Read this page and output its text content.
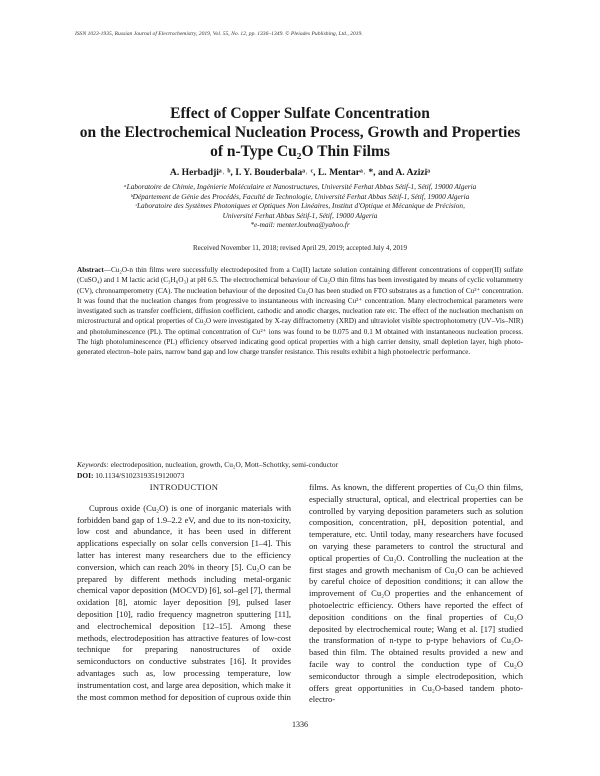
ISSN 1023-1935, Russian Journal of Electrochemistry, 2019, Vol. 55, No. 12, pp. 1336–1349. © Pleiades Publishing, Ltd., 2019.
Effect of Copper Sulfate Concentration
on the Electrochemical Nucleation Process, Growth and Properties
of n-Type Cu₂O Thin Films
A. Herbadjiᵃ˒ ᵇ, I. Y. Bouderbalaᵃ˒ ᶜ, L. Mentarᵃ˒ *, and A. Aziziᵃ
ᵃLaboratoire de Chimie, Ingénierie Moléculaire et Nanostructures, Université Ferhat Abbas Sétif-1, Sétif, 19000 Algeria
ᵇDépartement de Génie des Procédés, Faculté de Technologie, Université Ferhat Abbas Sétif-1, Sétif, 19000 Algeria
ᶜLaboratoire des Systèmes Photoniques et Optiques Non Linéaires, Institut d'Optique et Mécanique de Précision,
Université Ferhat Abbas Sétif-1, Sétif, 19000 Algeria
*e-mail: menter.loubna@yahoo.fr
Received November 11, 2018; revised April 29, 2019; accepted July 4, 2019
Abstract—Cu₂O-n thin films were successfully electrodeposited from a Cu(II) lactate solution containing different concentrations of copper(II) sulfate (CuSO₄) and 1 M lactic acid (C₃H₆O₃) at pH 6.5. The electrochemical behaviour of Cu₂O thin films has been investigated by means of cyclic voltammetry (CV), chronoamperometry (CA). The nucleation behaviour of the deposited Cu₂O has been studied on FTO substrates as a function of Cu²⁺ concentration. It was found that the nucleation changes from progressive to instantaneous with increasing Cu²⁺ concentration. Many electrochemical parameters were investigated such as transfer coefficient, diffusion coefficient, cathodic and anodic charges, nucleation rate etc. The effect of the nucleation mechanism on microstructural and optical properties of Cu₂O were investigated by X-ray diffractometry (XRD) and ultraviolet visible spectrophotometry (UV–Vis–NIR) and photoluminescence (PL). The optimal concentration of Cu²⁺ ions was found to be 0.075 and 0.1 M obtained with instantaneous nucleation process. The high photoluminescence (PL) efficiency observed indicating good optical properties with a high carrier density, small depletion layer, high photo-generated electron–hole pairs, narrow band gap and low charge transfer resistance. This results exhibit a high photoelectric performance.
Keywords: electrodeposition, nucleation, growth, Cu₂O, Mott–Schottky, semi-conductor
DOI: 10.1134/S1023193519120073
INTRODUCTION

Cuprous oxide (Cu₂O) is one of inorganic materials with forbidden band gap of 1.9–2.2 eV, and due to its non-toxicity, low cost and abundance, it has been used in different applications especially on solar cells conversion [1–4]. This latter has interest many researchers due to the efficiency conversion, which can reach 20% in theory [5]. Cu₂O can be prepared by different methods including metal-organic chemical vapor deposition (MOCVD) [6], sol–gel [7], thermal oxidation [8], atomic layer deposition [9], pulsed laser deposition [10], radio frequency magnetron sputtering [11], and electrochemical deposition [12–15]. Among these methods, electrodeposition has attractive features of low-cost technique for preparing nanostructures of oxide semiconductors on conductive substrates [16]. It provides advantages such as, low processing temperature, low instrumentation cost, and large area deposition, which make it the most common method for deposition of cuprous oxide thin

films. As known, the different properties of Cu₂O thin films, especially structural, optical, and electrical properties can be controlled by varying deposition parameters such as solution composition, concentration, pH, deposition potential, and temperature, etc. Until today, many researchers have focused on varying these parameters to control the structural and optical properties of Cu₂O. Controlling the nucleation at the first stages and growth mechanism of Cu₂O can be achieved by careful choice of deposition conditions; it can allow the improvement of Cu₂O properties and the enhancement of photoelectric efficiency. Others have reported the effect of deposition conditions on the final properties of Cu₂O deposited by electrochemical route; Wang et al. [17] studied the transformation of n-type to p-type behaviors of Cu₂O-based thin film. The obtained results provided a new and facile way to control the conduction type of Cu₂O semiconductor through a simple electrodeposition, which offers great opportunities in Cu₂O-based tandem photo-electro-

1336
